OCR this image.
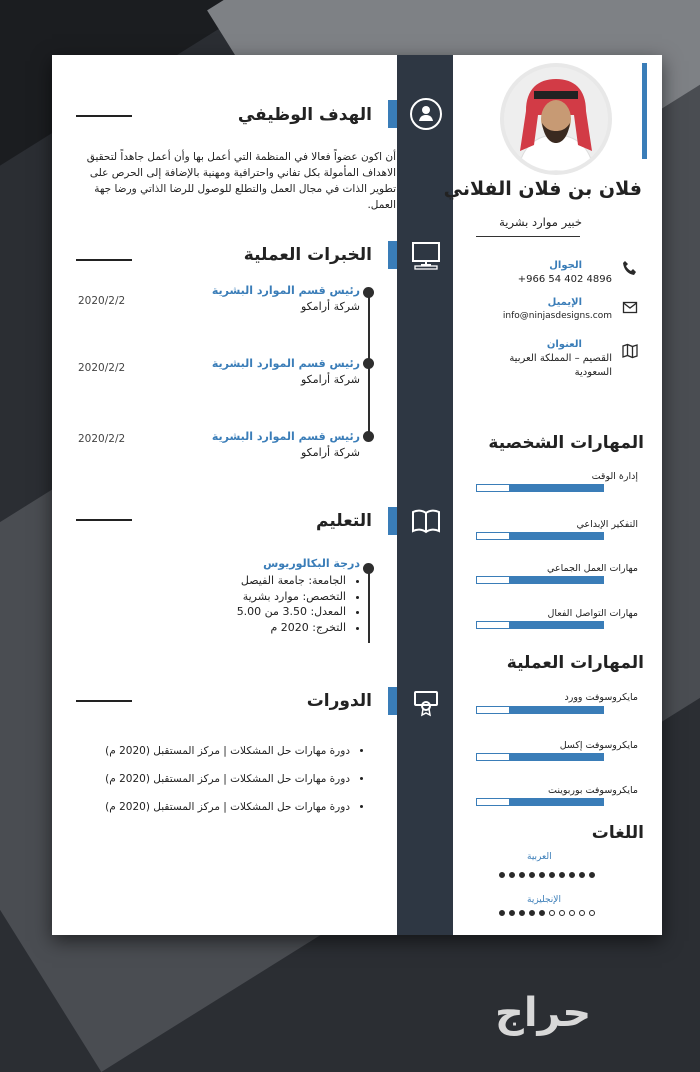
الهدف الوظيفي
أن اكون عضواً فعالا في المنظمة التي أعمل بها وأن أعمل جاهداً لتحقيق الاهداف المأمولة بكل تفاني واحترافية ومهنية بالإضافة إلى الحرص على تطوير الذات في مجال العمل والتطلع للوصول للرضا الذاتي ورضا جهة العمل.
الخبرات العملية
رئيس قسم الموارد البشرية
شركة أرامكو
2020/2/2
رئيس قسم الموارد البشرية
شركة أرامكو
2020/2/2
رئيس قسم الموارد البشرية
شركة أرامكو
2020/2/2
التعليم
درجة البكالوريوس
• الجامعة: جامعة الفيصل
• التخصص: موارد بشرية
• المعدل: 3.50 من 5.00
• التخرج: 2020 م
الدورات
• دورة مهارات حل المشكلات | مركز المستقبل (2020 م)
• دورة مهارات حل المشكلات | مركز المستقبل (2020 م)
• دورة مهارات حل المشكلات | مركز المستقبل (2020 م)
فلان بن فلان الفلاني
خبير موارد بشرية
الجوال
+966 54 402 4896
الإيميل
info@ninjasdesigns.com
العنوان
القصيم – المملكة العربية
السعودية
المهارات الشخصية
إدارة الوقت
التفكير الإبداعي
مهارات العمل الجماعي
مهارات التواصل الفعال
المهارات العملية
مايكروسوفت وورد
مايكروسوفت إكسل
مايكروسوفت بوربوينت
اللغات
العربية
الإنجليزية
حراج
